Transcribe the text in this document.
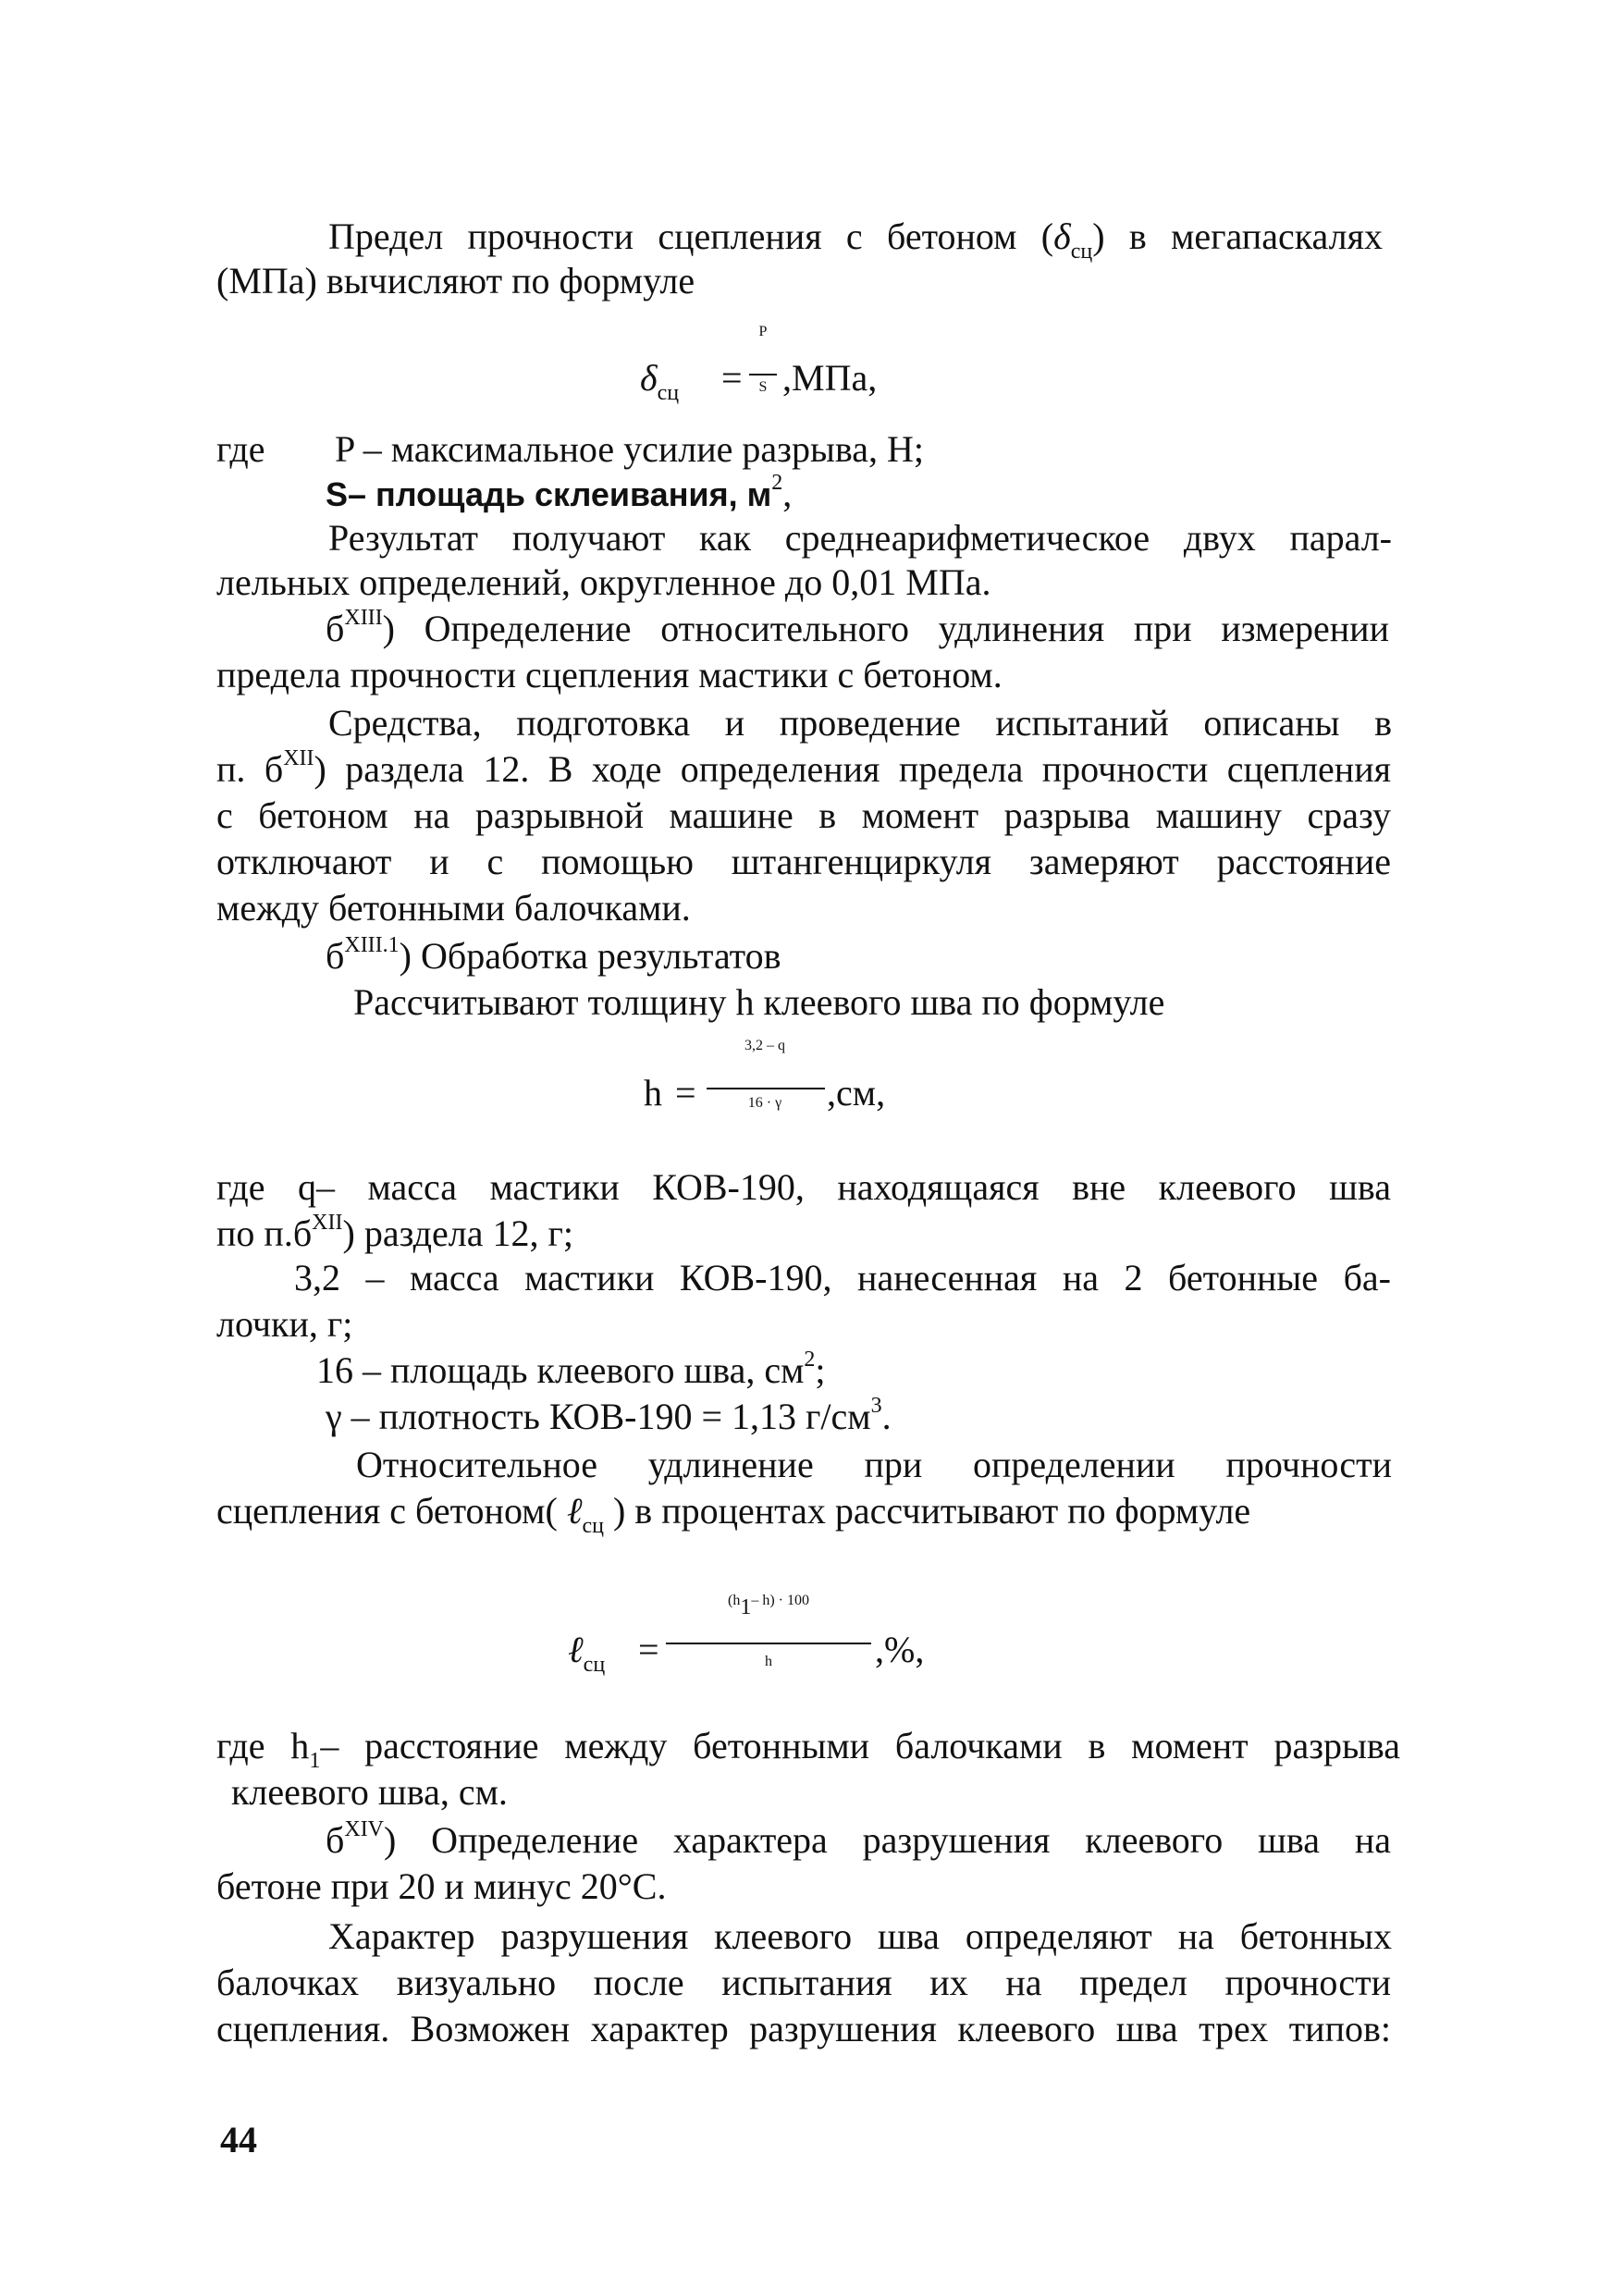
Предел прочности сцепления с бетоном $(\delta_{сц})$ в мегапаскалях
(МПа) вычисляют по формуле
$\delta_{сц}$ =
P
S ,МПа,
где P – максимальное усилие разрыва, Н;
S– площадь склеивания, $м^2$,
Результат получают как среднеарифметическое двух парал-
лельных определений, округленное до 0,01 МПа.
$б^{XIII}$) Определение относительного удлинения при измерении
предела прочности сцепления мастики с бетоном.
Средства, подготовка и проведение испытаний описаны в
п. $б^{XII}$) раздела 12. В ходе определения предела прочности сцепления
с бетоном на разрывной машине в момент разрыва машину сразу
отключают и с помощью штангенциркуля замеряют расстояние
между бетонными балочками.
$б^{XIII.1}$) Обработка результатов
Рассчитывают толщину h клеевого шва по формуле
h =
3,2 – q
16 · γ	,см,
где q– масса мастики КОВ-190, находящаяся вне клеевого шва
по $п.б^{XII}$) раздела 12, г;
3,2 – масса мастики КОВ-190, нанесенная на 2 бетонные ба-
лочки, г;
16 – площадь клеевого шва, $см^2$;
γ – плотность КОВ-190 = 1,13 $г/см^3$.
Относительное удлинение при определении прочности
сцепления с бетоном( ℓ$_{сц}$ ) в процентах рассчитывают по формуле
ℓ$_{сц}$ =
($h_1-$ h) · 100
h	,%,
где $h_1-$ расстояние между бетонными балочками в момент разрыва
клеевого шва, см.
$б^{XIV}$) Определение характера разрушения клеевого шва на
бетоне при 20 и минус 20°С.
Характер разрушения клеевого шва определяют на бетонных
балочках визуально после испытания их на предел прочности
сцепления. Возможен характер разрушения клеевого шва трех типов:
44
